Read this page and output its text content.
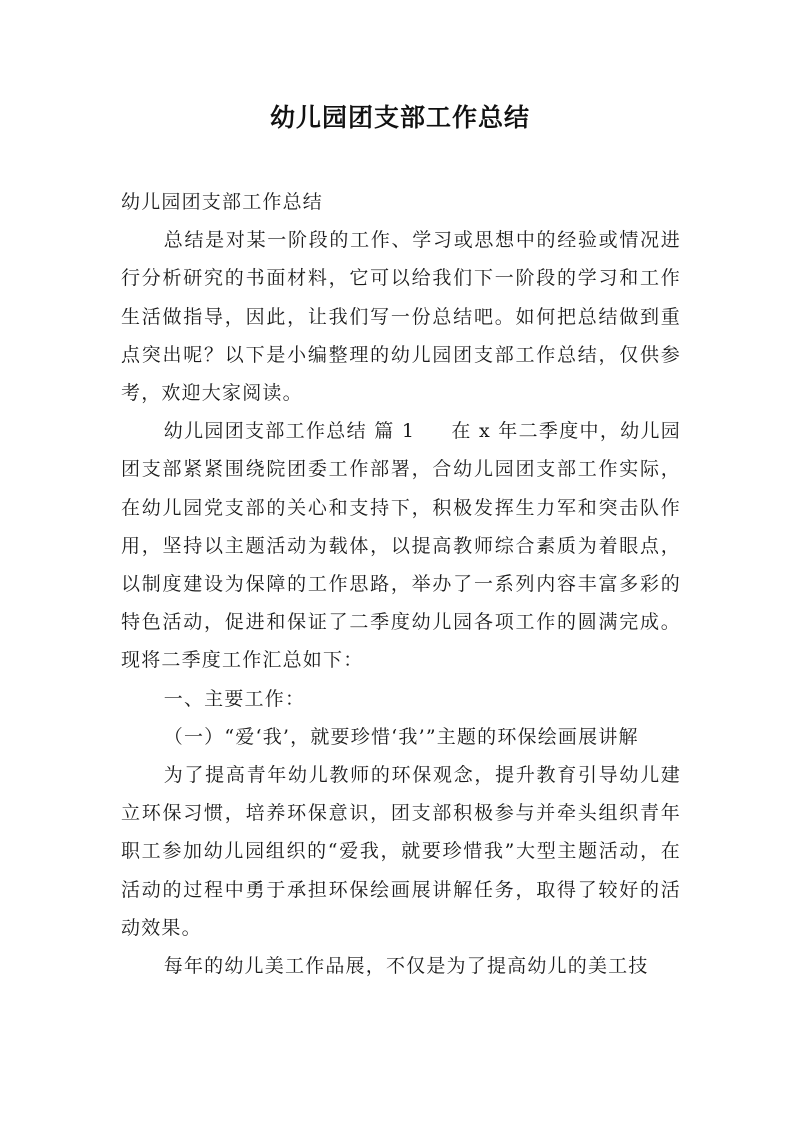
幼儿园团支部工作总结

幼儿园团支部工作总结

总结是对某一阶段的工作、学习或思想中的经验或情况进行分析研究的书面材料，它可以给我们下一阶段的学习和工作生活做指导，因此，让我们写一份总结吧。如何把总结做到重点突出呢？以下是小编整理的幼儿园团支部工作总结，仅供参考，欢迎大家阅读。

幼儿园团支部工作总结 篇 1 在 x 年二季度中，幼儿园团支部紧紧围绕院团委工作部署，合幼儿园团支部工作实际，在幼儿园党支部的关心和支持下，积极发挥生力军和突击队作用，坚持以主题活动为载体，以提高教师综合素质为着眼点，以制度建设为保障的工作思路，举办了一系列内容丰富多彩的特色活动，促进和保证了二季度幼儿园各项工作的圆满完成。现将二季度工作汇总如下：

一、主要工作：

（一）“爱‘我’，就要珍惜‘我’”主题的环保绘画展讲解

为了提高青年幼儿教师的环保观念，提升教育引导幼儿建立环保习惯，培养环保意识，团支部积极参与并牵头组织青年职工参加幼儿园组织的“爱我，就要珍惜我”大型主题活动，在活动的过程中勇于承担环保绘画展讲解任务，取得了较好的活动效果。

每年的幼儿美工作品展，不仅是为了提高幼儿的美工技
